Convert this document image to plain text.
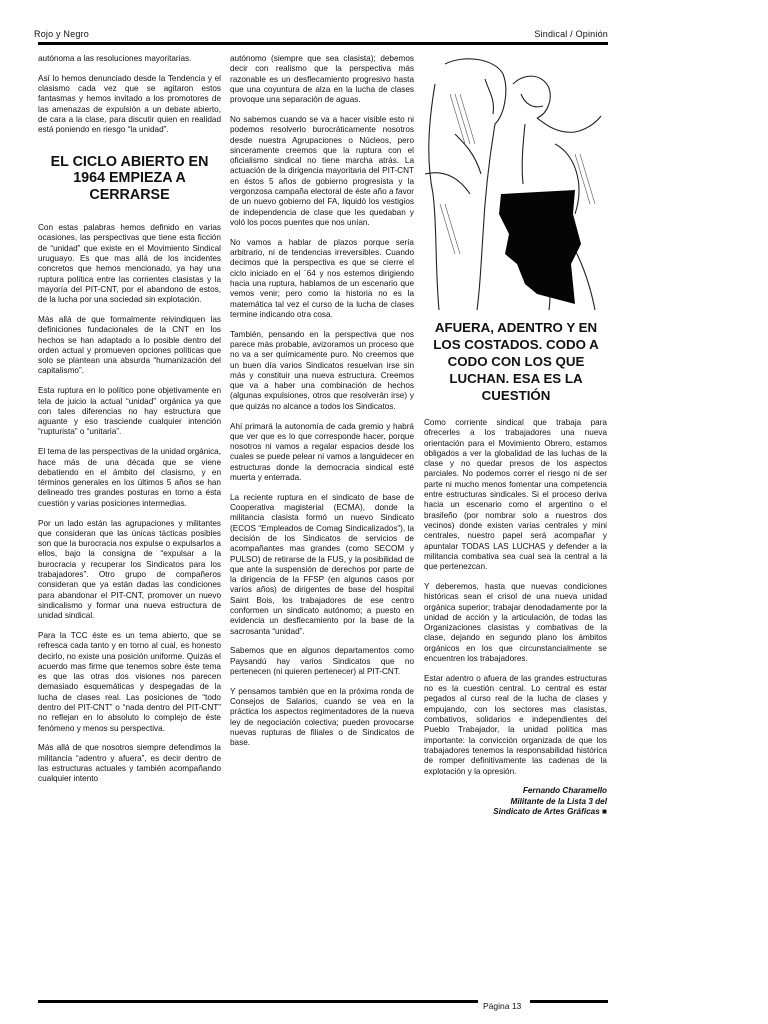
Rojo y Negro	Sindical / Opinión

autónoma a las resoluciones mayoritarias.

Así lo hemos denunciado desde la Tendencia y el clasismo cada vez que se agitaron estos fantasmas y hemos invitado a los promotores de las amenazas de expulsión a un debate abierto, de cara a la clase, para discutir quien en realidad está poniendo en riesgo “la unidad”.

EL CICLO ABIERTO EN 1964 EMPIEZA A CERRARSE

Con estas palabras hemos definido en varias ocasiones, las perspectivas que tiene esta ficción de “unidad” que existe en el Movimiento Sindical uruguayo. Es que mas allá de los incidentes concretos que hemos mencionado, ya hay una ruptura política entre las corrientes clasistas y la mayoría del PIT-CNT, por el abandono de estos, de la lucha por una sociedad sin explotación.

Más allá de que formalmente reivindiquen las definiciones fundacionales de la CNT en los hechos se han adaptado a lo posible dentro del orden actual y promueven opciones políticas que solo se plantean una absurda “humanización del capitalismo”.

Esta ruptura en lo político pone objetivamente en tela de juicio la actual “unidad” orgánica ya que con tales diferencias no hay estructura que aguante y eso trasciende cualquier intención “rupturista” o “unitaria”.

El tema de las perspectivas de la unidad orgánica, hace más de una década que se viene debatiendo en el ámbito del clasismo, y en términos generales en los últimos 5 años se han delineado tres grandes posturas en torno a ésta cuestión y varias posiciones intermedias.

Por un lado están las agrupaciones y militantes que consideran que las únicas tácticas posibles son que la burocracia nos expulse o expulsarlos a ellos, bajo la consigna de “expulsar a la burocracia y recuperar los Sindicatos para los trabajadores”. Otro grupo de compañeros consideran que ya están dadas las condiciones para abandonar el PIT-CNT, promover un nuevo sindicalismo y formar una nueva estructura de unidad sindical.

Para la TCC éste es un tema abierto, que se refresca cada tanto y en torno al cual, es honesto decirlo, no existe una posición uniforme. Quizás el acuerdo mas firme que tenemos sobre éste tema es que las otras dos visiones nos parecen demasiado esquemáticas y despegadas de la lucha de clases real. Las posiciones de “todo dentro del PIT-CNT” o “nada dentro del PIT-CNT” no reflejan en lo absoluto lo complejo de éste fenómeno y menos su perspectiva.

Más allá de que nosotros siempre defendimos la militancia “adentro y afuera”, es decir dentro de las estructuras actuales y también acompañando cualquier intento

autónomo (siempre que sea clasista); debemos decir con realismo que la perspectiva más razonable es un desflecamiento progresivo hasta que una coyuntura de alza en la lucha de clases provoque una separación de aguas.

No sabemos cuando se va a hacer visible esto ni podemos resolverlo burocráticamente nosotros desde nuestra Agrupaciones o Núcleos, pero sinceramente creemos que la ruptura con el oficialismo sindical no tiene marcha atrás. La actuación de la dirigencia mayoritaria del PIT-CNT en éstos 5 años de gobierno progresista y la vergonzosa campaña electoral de éste año a favor de un nuevo gobierno del FA, liquidó los vestigios de independencia de clase que les quedaban y voló los pocos puentes que nos unían.

No vamos a hablar de plazos porque sería arbitrario, ni de tendencias irreversibles. Cuando decimos que la perspectiva es que se cierre el ciclo iniciado en el ´64 y nos estemos dirigiendo hacia una ruptura, hablamos de un escenario que vemos venir; pero como la historia no es la matemática tal vez el curso de la lucha de clases termine indicando otra cosa.

También, pensando en la perspectiva que nos parece más probable, avizoramos un proceso que no va a ser químicamente puro. No creemos que un buen día varios Sindicatos resuelvan irse sin más y constituir una nueva estructura. Creemos que va a haber una combinación de hechos (algunas expulsiones, otros que resolverán irse) y que quizás no alcance a todos los Sindicatos.

Ahí primará la autonomía de cada gremio y habrá que ver que es lo que corresponde hacer, porque nosotros ni vamos a regalar espacios desde los cuales se puede pelear ni vamos a languidecer en estructuras donde la democracia sindical esté muerta y enterrada.

La reciente ruptura en el sindicato de base de Cooperativa magisterial (ECMA), donde la militancia clasista formó un nuevo Sindicato (ECOS “Empleados de Comag Sindicalizados”), la decisión de los Sindicatos de servicios de acompañantes mas grandes (como SECOM y PULSO) de retirarse de la FUS, y la posibilidad de que ante la suspensión de derechos por parte de la dirigencia de la FFSP (en algunos casos por varios años) de dirigentes de base del hospital Saint Bois, los trabajadores de ese centro conformen un sindicato autónomo; a puesto en evidencia un desflecamiento por la base de la sacrosanta “unidad”.

Sabemos que en algunos departamentos como Paysandú hay varios Sindicatos que no pertenecen (ni quieren pertenecer) al PIT-CNT.

Y pensamos también que en la próxima ronda de Consejos de Salarios, cuando se vea en la práctica los aspectos regimentadores de la nueva ley de negociación colectiva; pueden provocarse nuevas rupturas de filiales o de Sindicatos de base.

AFUERA, ADENTRO Y EN LOS COSTADOS. CODO A CODO CON LOS QUE LUCHAN. ESA ES LA CUESTIÓN

Como corriente sindical que trabaja para ofrecerles a los trabajadores una nueva orientación para el Movimiento Obrero, estamos obligados a ver la globalidad de las luchas de la clase y no quedar presos de los aspectos parciales. No podemos correr el riesgo ni de ser parte ni mucho menos fomentar una competencia entre estructuras sindicales. Si el proceso deriva hacia un escenario como el argentino o el brasileño (por nombrar solo a nuestros dos vecinos) donde existen varias centrales y mini centrales, nuestro papel será acompañar y apuntalar TODAS LAS LUCHAS y defender a la militancia combativa sea cual sea la central a la que pertenezcan.

Y deberemos, hasta que nuevas condiciones históricas sean el crisol de una nueva unidad orgánica superior; trabajar denodadamente por la unidad de acción y la articulación, de todas las Organizaciones clasistas y combativas de la clase, dejando en segundo plano los ámbitos orgánicos en los que circunstancialmente se encuentren los trabajadores.

Estar adentro o afuera de las grandes estructuras no es la cuestión central. Lo central es estar pegados al curso real de la lucha de clases y empujando, con los sectores mas clasistas, combativos, solidarios e independientes del Pueblo Trabajador, la unidad política mas importante: la convicción organizada de que los trabajadores tenemos la responsabilidad histórica de romper definitivamente las cadenas de la explotación y la opresión.

Fernando Charamello
Militante de la Lista 3 del
Sindicato de Artes Gráficas ■
Página 13
